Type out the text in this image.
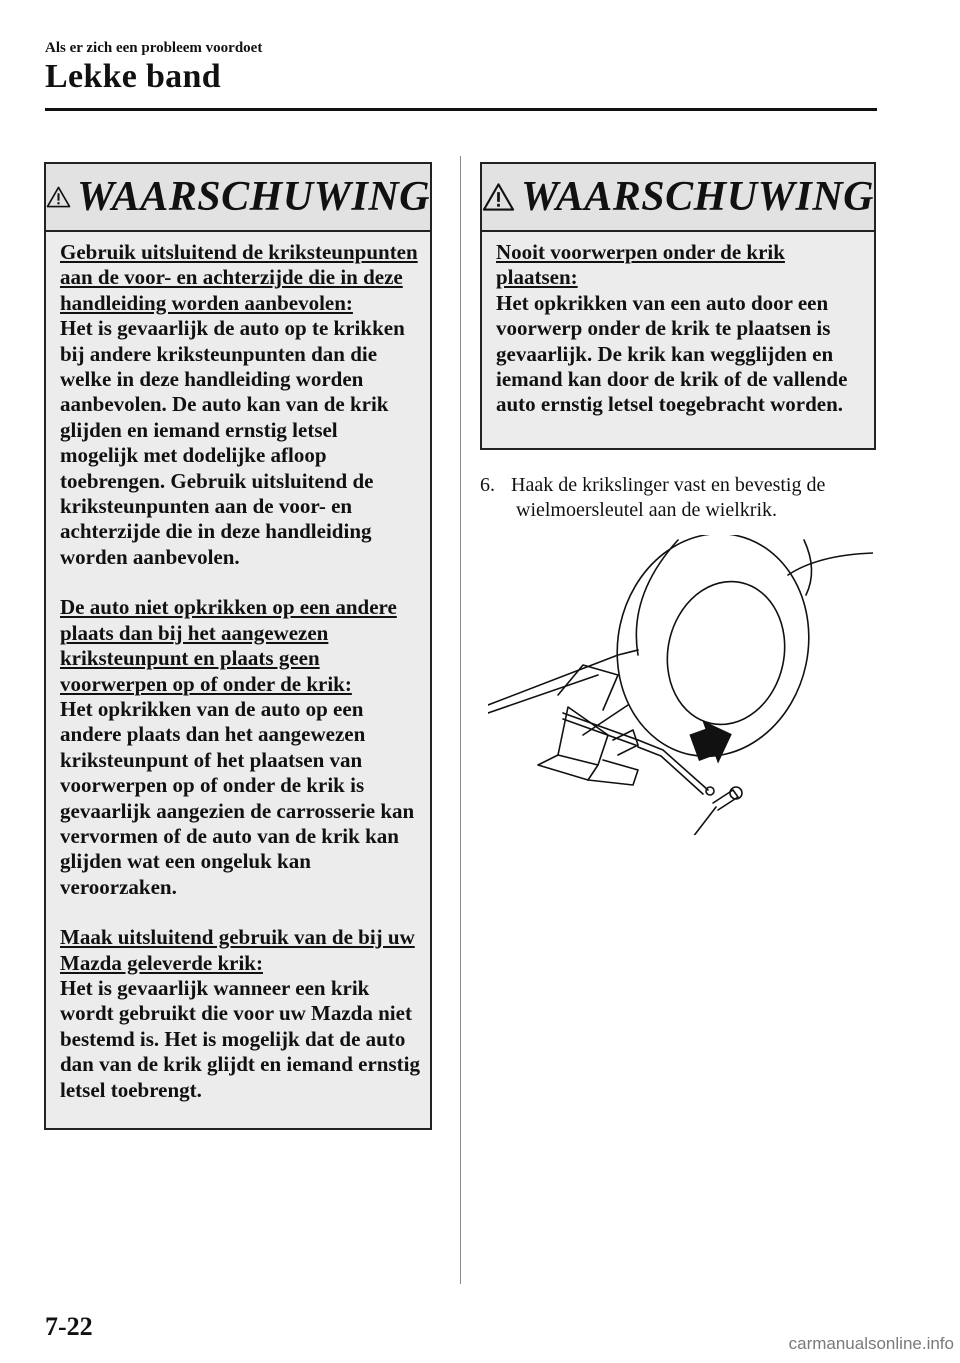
Als er zich een probleem voordoet
Lekke band
WAARSCHUWING

Gebruik uitsluitend de kriksteunpunten aan de voor- en achterzijde die in deze handleiding worden aanbevolen:
Het is gevaarlijk de auto op te krikken bij andere kriksteunpunten dan die welke in deze handleiding worden aanbevolen. De auto kan van de krik glijden en iemand ernstig letsel mogelijk met dodelijke afloop toebrengen. Gebruik uitsluitend de kriksteunpunten aan de voor- en achterzijde die in deze handleiding worden aanbevolen.

De auto niet opkrikken op een andere plaats dan bij het aangewezen kriksteunpunt en plaats geen voorwerpen op of onder de krik:
Het opkrikken van de auto op een andere plaats dan het aangewezen kriksteunpunt of het plaatsen van voorwerpen op of onder de krik is gevaarlijk aangezien de carrosserie kan vervormen of de auto van de krik kan glijden wat een ongeluk kan veroorzaken.

Maak uitsluitend gebruik van de bij uw Mazda geleverde krik:
Het is gevaarlijk wanneer een krik wordt gebruikt die voor uw Mazda niet bestemd is. Het is mogelijk dat de auto dan van de krik glijdt en iemand ernstig letsel toebrengt.

WAARSCHUWING

Nooit voorwerpen onder de krik plaatsen:
Het opkrikken van een auto door een voorwerp onder de krik te plaatsen is gevaarlijk. De krik kan wegglijden en iemand kan door de krik of de vallende auto ernstig letsel toegebracht worden.

6. Haak de krikslinger vast en bevestig de
wielmoersleutel aan de wielkrik.
7-22
carmanualsonline.info
